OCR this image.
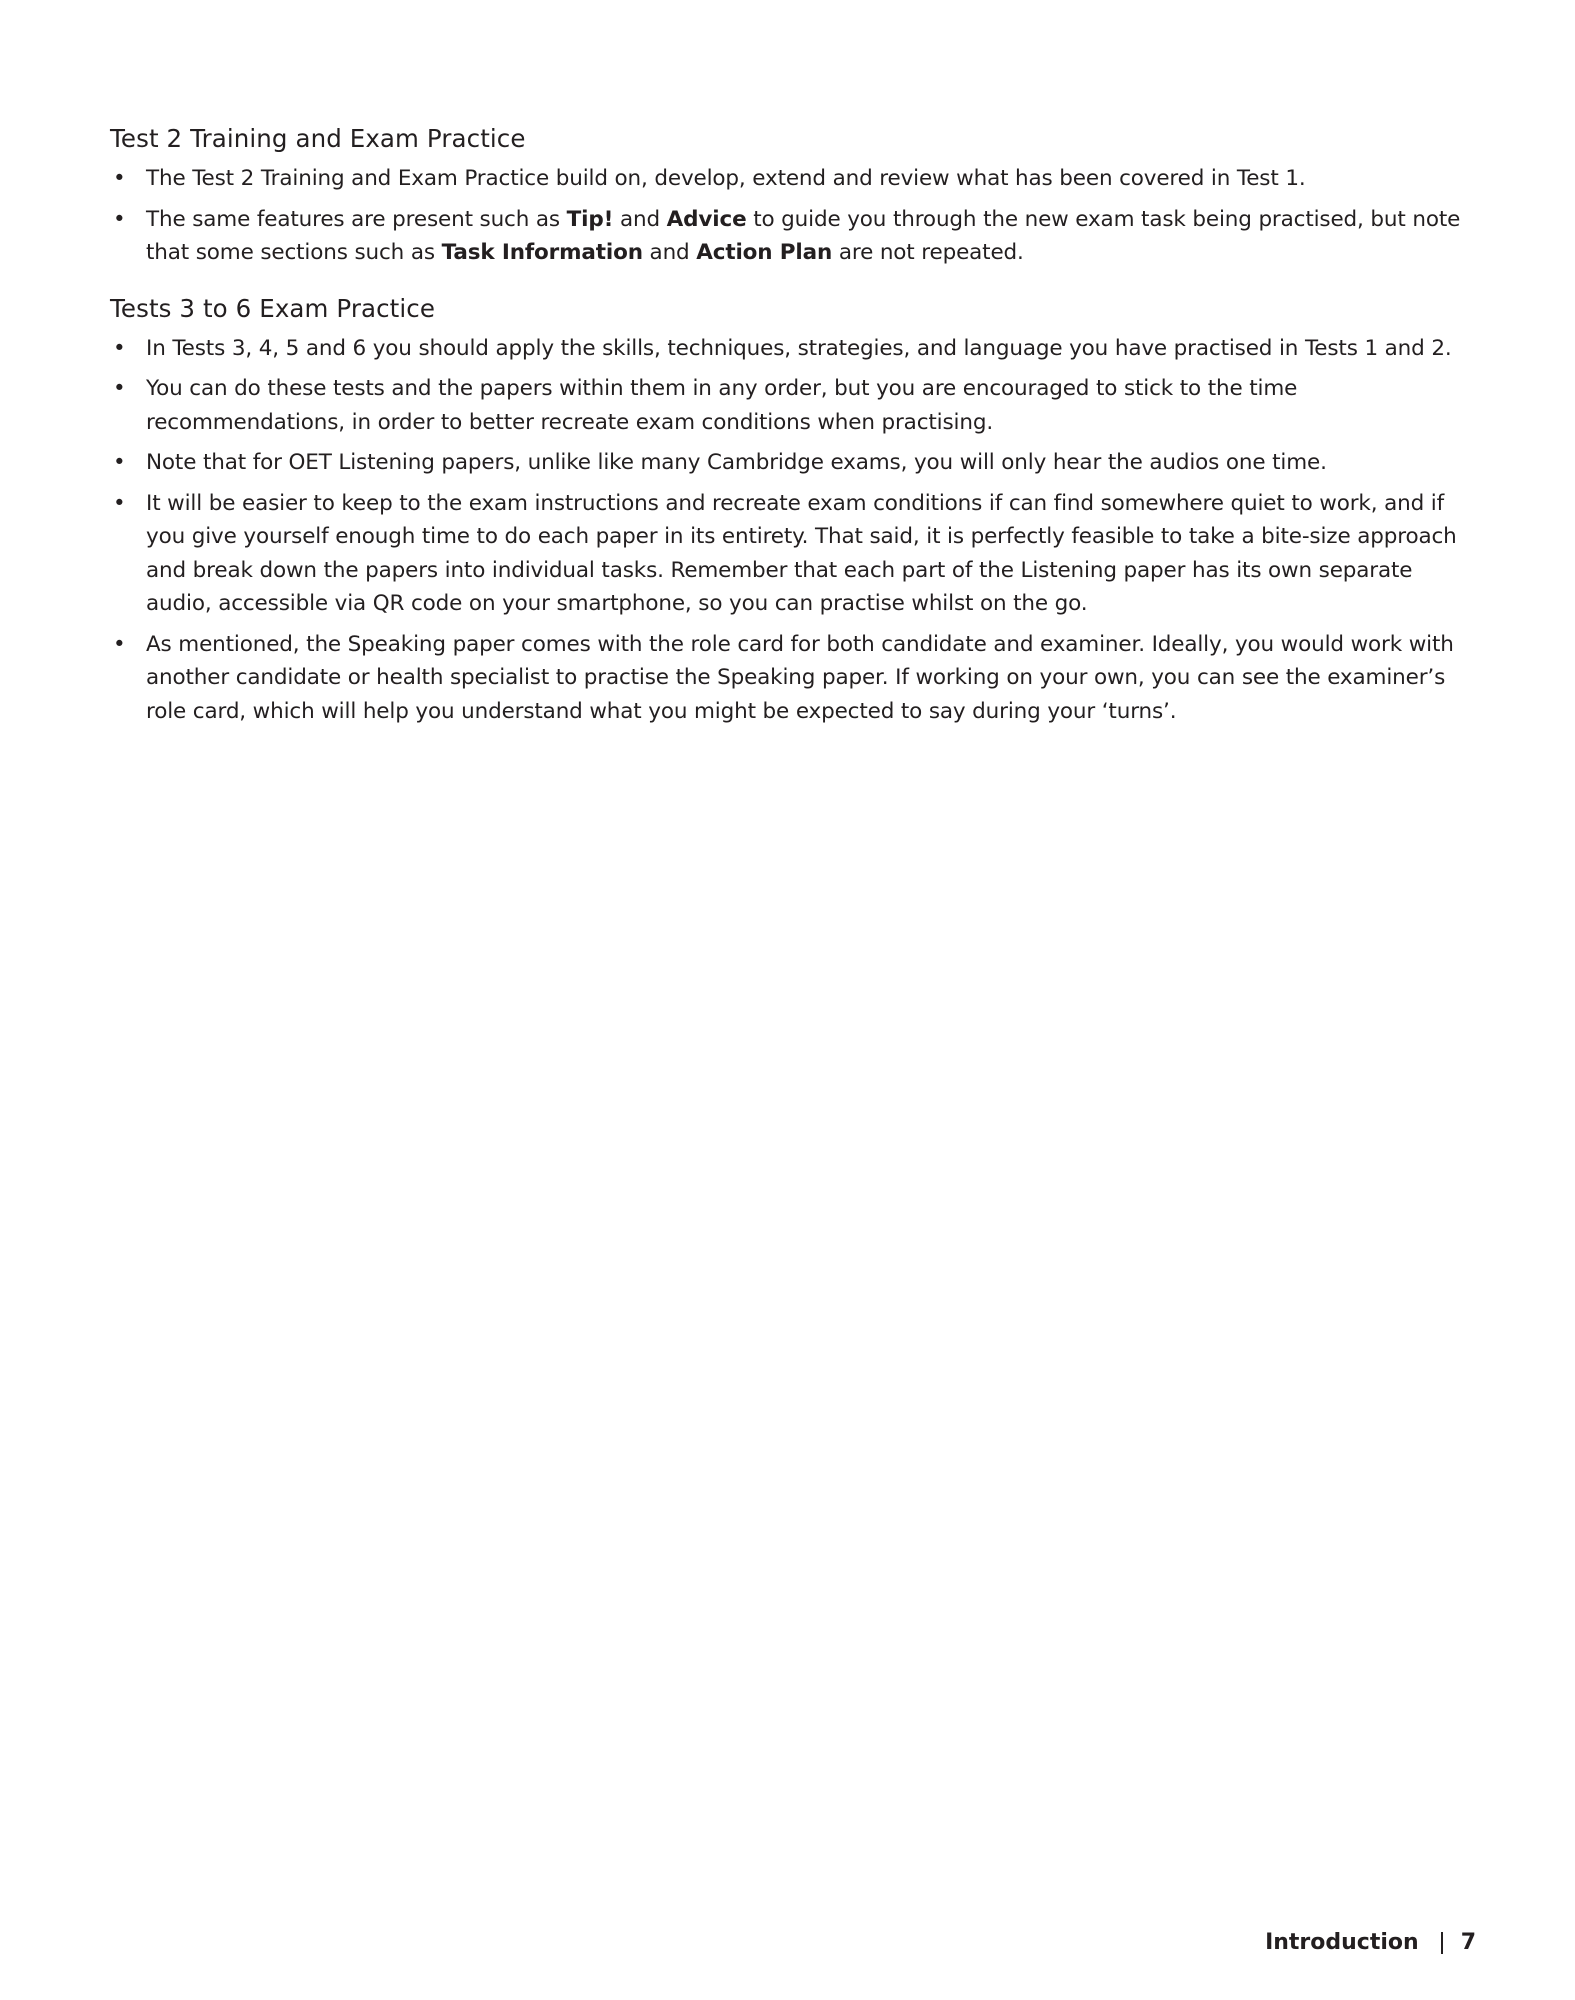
Test 2 Training and Exam Practice
• The Test 2 Training and Exam Practice build on, develop, extend and review what has been covered in Test 1.
• The same features are present such as Tip! and Advice to guide you through the new exam task being practised, but note that some sections such as Task Information and Action Plan are not repeated.
Tests 3 to 6 Exam Practice
• In Tests 3, 4, 5 and 6 you should apply the skills, techniques, strategies, and language you have practised in Tests 1 and 2.
• You can do these tests and the papers within them in any order, but you are encouraged to stick to the time recommendations, in order to better recreate exam conditions when practising.
• Note that for OET Listening papers, unlike like many Cambridge exams, you will only hear the audios one time.
• It will be easier to keep to the exam instructions and recreate exam conditions if can find somewhere quiet to work, and if you give yourself enough time to do each paper in its entirety. That said, it is perfectly feasible to take a bite-size approach and break down the papers into individual tasks. Remember that each part of the Listening paper has its own separate audio, accessible via QR code on your smartphone, so you can practise whilst on the go.
• As mentioned, the Speaking paper comes with the role card for both candidate and examiner. Ideally, you would work with another candidate or health specialist to practise the Speaking paper. If working on your own, you can see the examiner’s role card, which will help you understand what you might be expected to say during your ‘turns’.
Introduction 7
